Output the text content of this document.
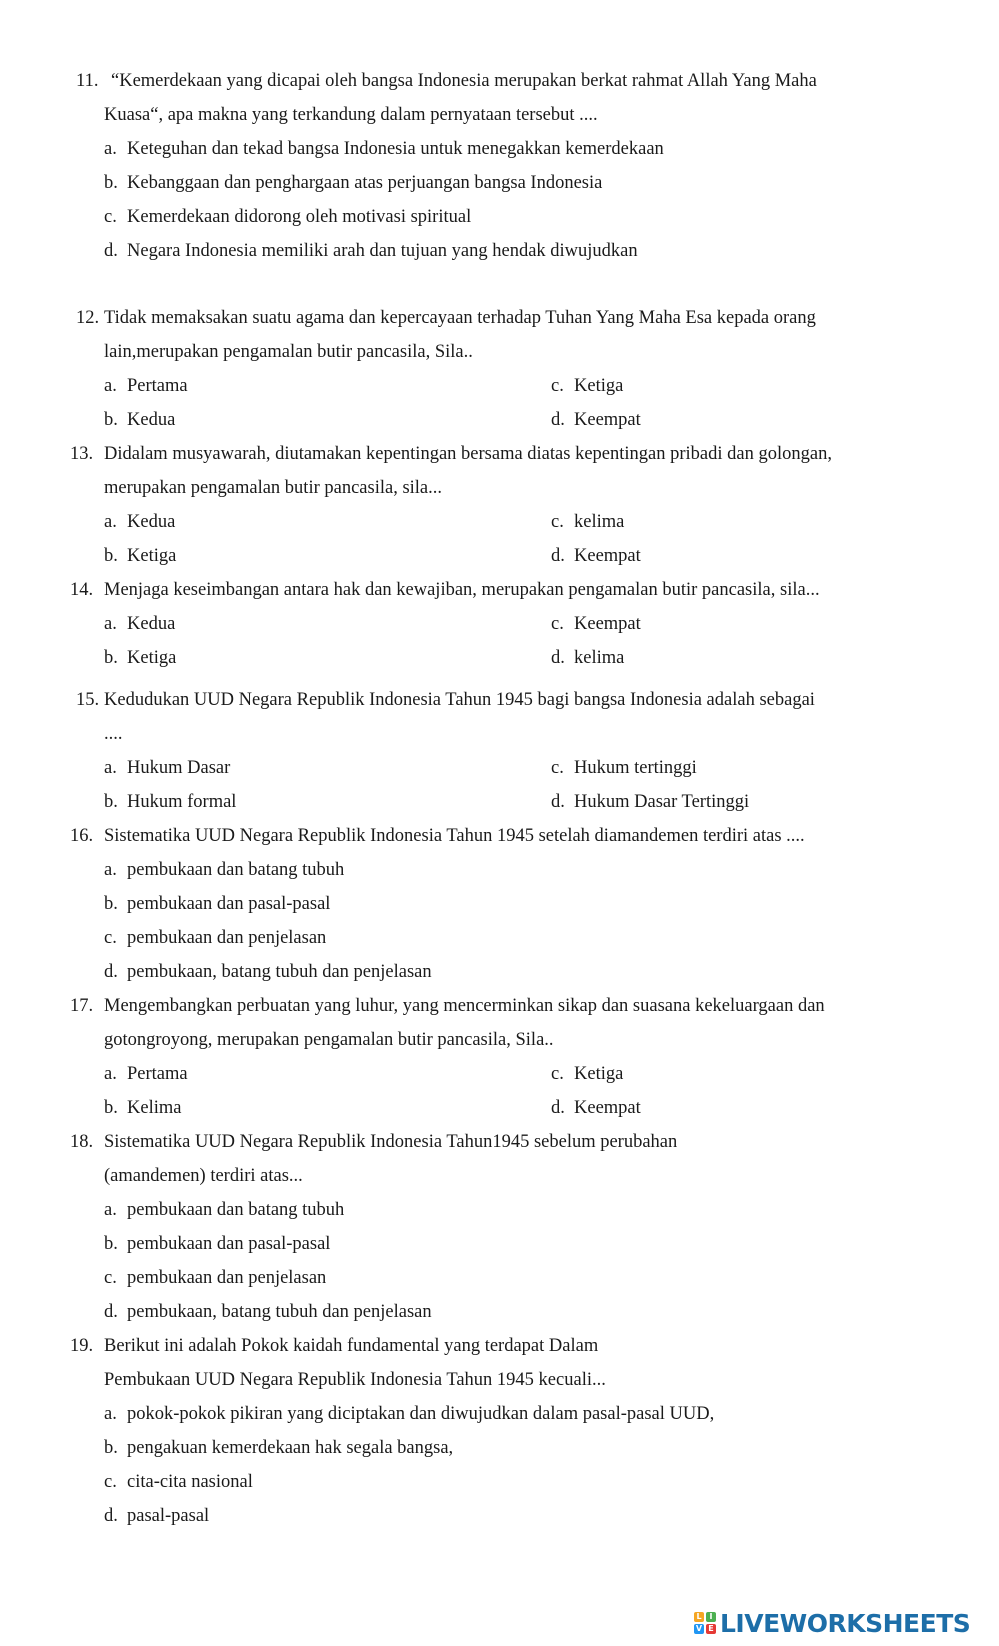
11. “Kemerdekaan yang dicapai oleh bangsa Indonesia merupakan berkat rahmat Allah Yang Maha
Kuasa“, apa makna yang terkandung dalam pernyataan tersebut ....
a. Keteguhan dan tekad bangsa Indonesia untuk menegakkan kemerdekaan
b. Kebanggaan dan penghargaan atas perjuangan bangsa Indonesia
c. Kemerdekaan didorong oleh motivasi spiritual
d. Negara Indonesia memiliki arah dan tujuan yang hendak diwujudkan
12. Tidak memaksakan suatu agama dan kepercayaan terhadap Tuhan Yang Maha Esa kepada orang
lain,merupakan pengamalan butir pancasila, Sila..
a. Pertama	c. Ketiga
b. Kedua	d. Keempat
13. Didalam musyawarah, diutamakan kepentingan bersama diatas kepentingan pribadi dan golongan,
merupakan pengamalan butir pancasila, sila...
a. Kedua	c. kelima
b. Ketiga	d. Keempat
14. Menjaga keseimbangan antara hak dan kewajiban, merupakan pengamalan butir pancasila, sila...
a. Kedua	c. Keempat
b. Ketiga	d. kelima
15. Kedudukan UUD Negara Republik Indonesia Tahun 1945 bagi bangsa Indonesia adalah sebagai
....
a. Hukum Dasar	c. Hukum tertinggi
b. Hukum formal	d. Hukum Dasar Tertinggi
16. Sistematika UUD Negara Republik Indonesia Tahun 1945 setelah diamandemen terdiri atas ....
a. pembukaan dan batang tubuh
b. pembukaan dan pasal-pasal
c. pembukaan dan penjelasan
d. pembukaan, batang tubuh dan penjelasan
17. Mengembangkan perbuatan yang luhur, yang mencerminkan sikap dan suasana kekeluargaan dan
gotongroyong, merupakan pengamalan butir pancasila, Sila..
a. Pertama	c. Ketiga
b. Kelima	d. Keempat
18. Sistematika UUD Negara Republik Indonesia Tahun1945 sebelum perubahan
(amandemen) terdiri atas...
a. pembukaan dan batang tubuh
b. pembukaan dan pasal-pasal
c. pembukaan dan penjelasan
d. pembukaan, batang tubuh dan penjelasan
19. Berikut ini adalah Pokok kaidah fundamental yang terdapat Dalam
Pembukaan UUD Negara Republik Indonesia Tahun 1945 kecuali...
a. pokok-pokok pikiran yang diciptakan dan diwujudkan dalam pasal-pasal UUD,
b. pengakuan kemerdekaan hak segala bangsa,
c. cita-cita nasional
d. pasal-pasal
L I
V E LIVEWORKSHEETS
